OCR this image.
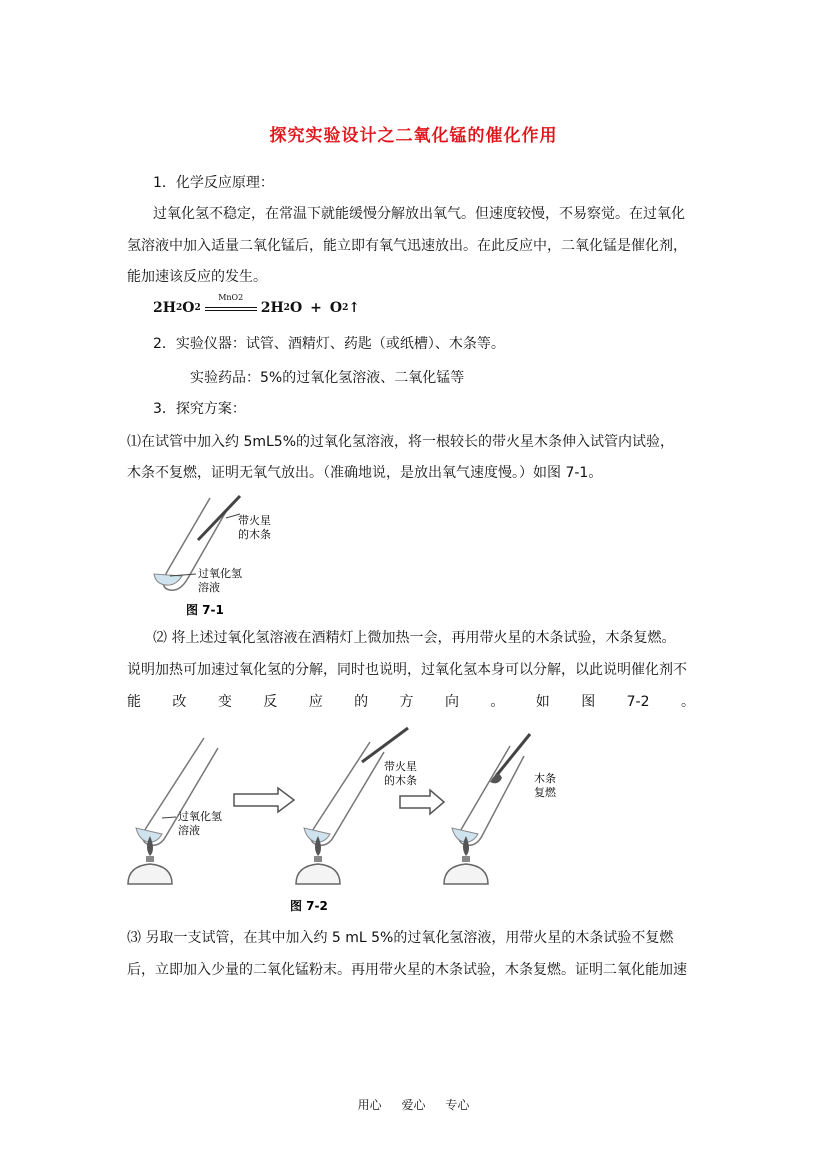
探究实验设计之二氧化锰的催化作用
1．化学反应原理：
过氧化氢不稳定，在常温下就能缓慢分解放出氧气。但速度较慢，不易察觉。在过氧化
氢溶液中加入适量二氧化锰后，能立即有氧气迅速放出。在此反应中，二氧化锰是催化剂，
能加速该反应的发生。
2H 2 O 2
MnO2
2H 2 O + O 2 ↑
2．实验仪器：试管、酒精灯、药匙（或纸槽）、木条等。
实验药品：5%的过氧化氢溶液、二氧化锰等
3．探究方案：
⑴在试管中加入约 5mL5%的过氧化氢溶液，将一根较长的带火星木条伸入试管内试验，
木条不复燃，证明无氧气放出。（准确地说，是放出氧气速度慢。）如图 7-1。
带火星
的木条
过氧化氢
溶液
图 7-1
⑵ 将上述过氧化氢溶液在酒精灯上微加热一会，再用带火星的木条试验，木条复燃。
说明加热可加速过氧化氢的分解，同时也说明，过氧化氢本身可以分解，以此说明催化剂不
能 改 变 反 应 的 方 向 。 如 图 7-2 。
过氧化氢
溶液
带火星
的木条	木条
复燃
图 7-2
⑶ 另取一支试管，在其中加入约 5 mL 5%的过氧化氢溶液，用带火星的木条试验不复燃
后，立即加入少量的二氧化锰粉末。再用带火星的木条试验，木条复燃。证明二氧化能加速
用心 爱心 专心
